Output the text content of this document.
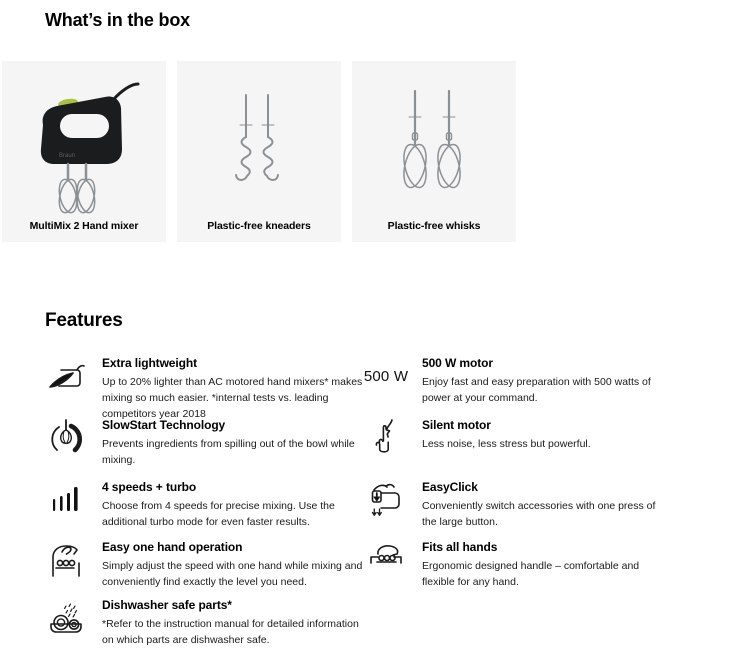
What’s in the box
Braun
MultiMix 2 Hand mixer	Plastic-free kneaders	Plastic-free whisks
Features
Extra lightweight
Up to 20% lighter than AC motored hand mixers* makes mixing so much easier. *internal tests vs. leading competitors year 2018
500 W
500 W motor
Enjoy fast and easy preparation with 500 watts of power at your command.
SlowStart Technology
Prevents ingredients from spilling out of the bowl while mixing.
Silent motor
Less noise, less stress but powerful.
4 speeds + turbo
Choose from 4 speeds for precise mixing. Use the additional turbo mode for even faster results.
EasyClick
Conveniently switch accessories with one press of the large button.
Easy one hand operation
Simply adjust the speed with one hand while mixing and conveniently find exactly the level you need.
Fits all hands
Ergonomic designed handle – comfortable and flexible for any hand.
Dishwasher safe parts*
*Refer to the instruction manual for detailed information on which parts are dishwasher safe.
